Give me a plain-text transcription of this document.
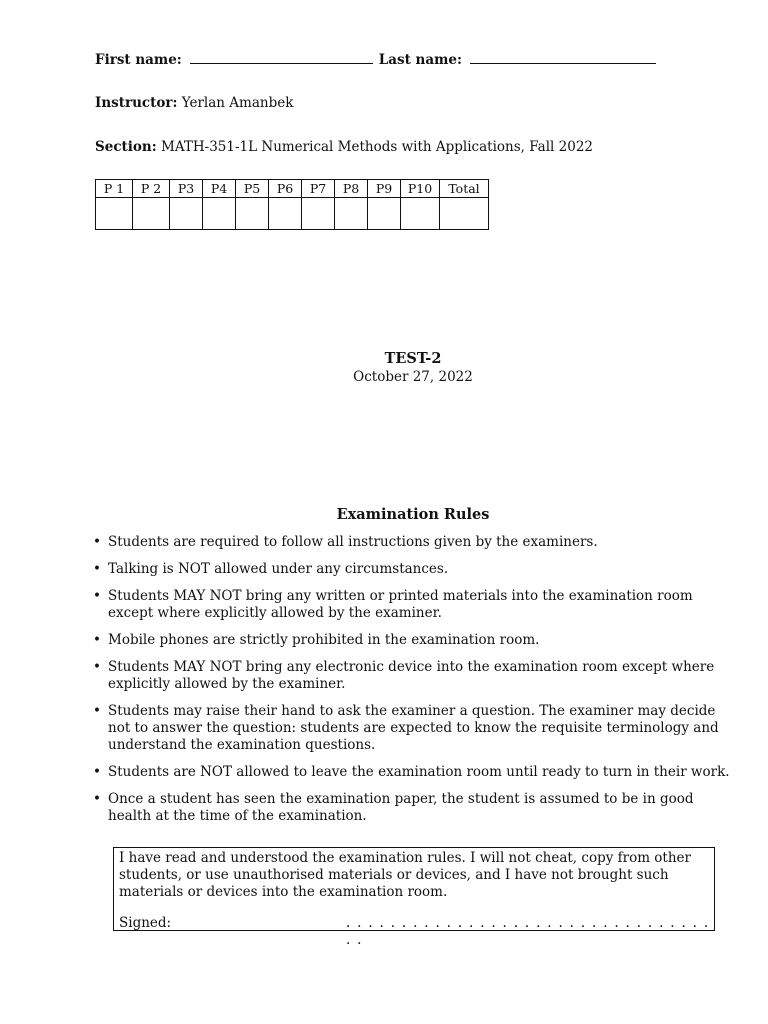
First name:	Last name:
Instructor: Yerlan Amanbek
Section: MATH-351-1L Numerical Methods with Applications, Fall 2022
P 1	P 2	P3	P4	P5	P6	P7	P8	P9	P10	Total

TEST-2
October 27, 2022
Examination Rules
• Students are required to follow all instructions given by the examiners.
• Talking is NOT allowed under any circumstances.
• Students MAY NOT bring any written or printed materials into the examination room except where explicitly allowed by the examiner.
• Mobile phones are strictly prohibited in the examination room.
• Students MAY NOT bring any electronic device into the examination room except where explicitly allowed by the examiner.
• Students may raise their hand to ask the examiner a question. The examiner may decide not to answer the question: students are expected to know the requisite terminology and understand the examination questions.
• Students are NOT allowed to leave the examination room until ready to turn in their work.
• Once a student has seen the examination paper, the student is assumed to be in good health at the time of the examination.
I have read and understood the examination rules. I will not cheat, copy from other students, or use unauthorised materials or devices, and I have not brought such materials or devices into the examination room.
Signed:	. . . . . . . . . . . . . . . . . . . . . . . . . . . . . . . . . . .
